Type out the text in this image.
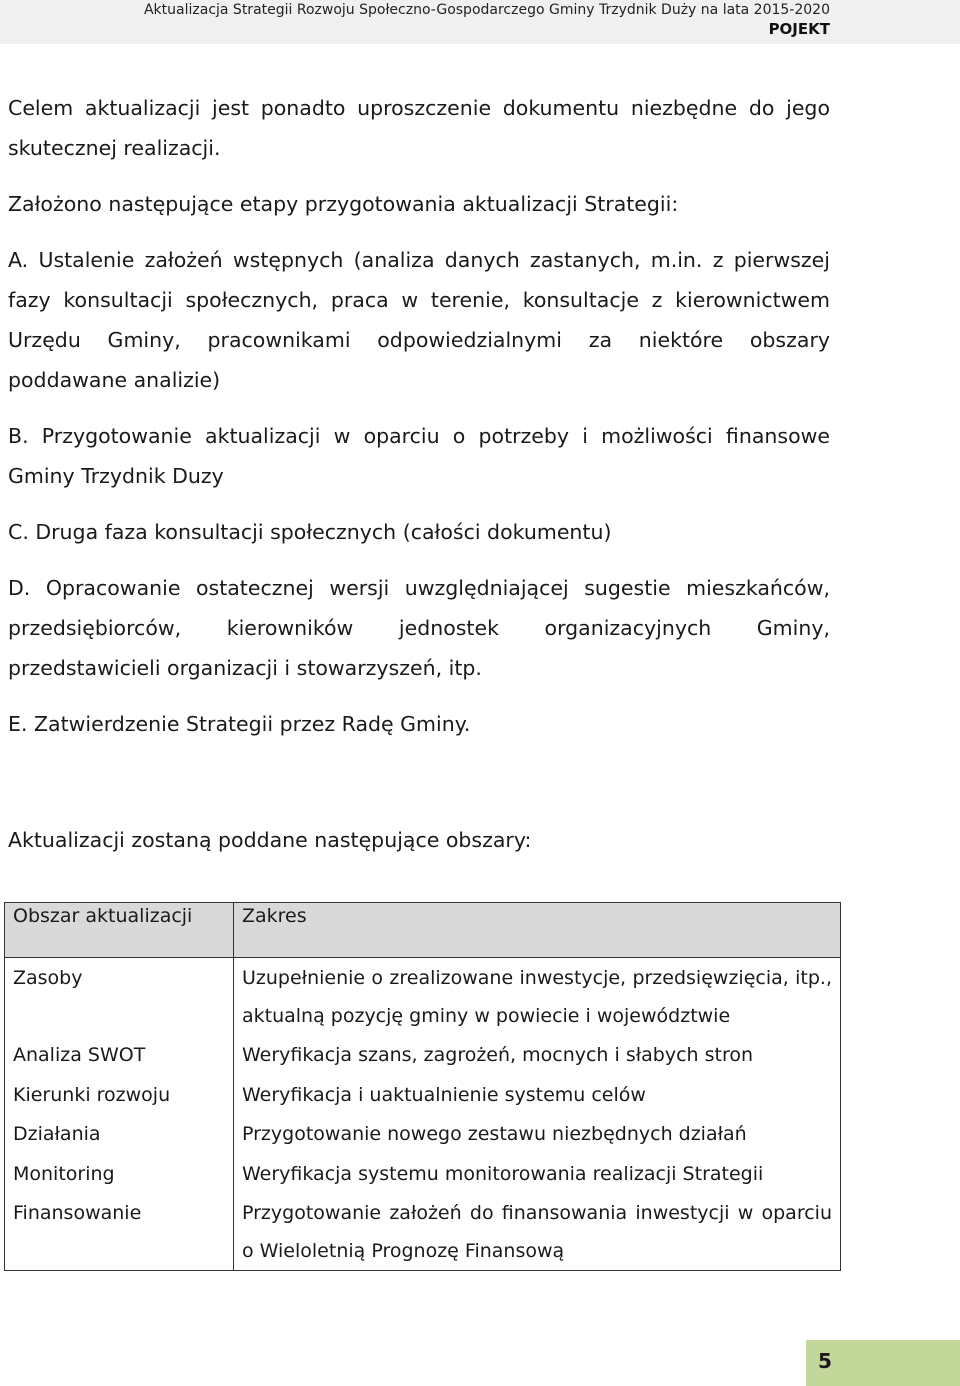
Aktualizacja Strategii Rozwoju Społeczno-Gospodarczego Gminy Trzydnik Duży na lata 2015-2020
POJEKT

Celem aktualizacji jest ponadto uproszczenie dokumentu niezbędne do jego skutecznej realizacji.

Założono następujące etapy przygotowania aktualizacji Strategii:

A. Ustalenie założeń wstępnych (analiza danych zastanych, m.in. z pierwszej fazy konsultacji społecznych, praca w terenie, konsultacje z kierownictwem Urzędu Gminy, pracownikami odpowiedzialnymi za niektóre obszary poddawane analizie)

B. Przygotowanie aktualizacji w oparciu o potrzeby i możliwości finansowe Gminy Trzydnik Duzy

C. Druga faza konsultacji społecznych (całości dokumentu)

D. Opracowanie ostatecznej wersji uwzględniającej sugestie mieszkańców, przedsiębiorców, kierowników jednostek organizacyjnych Gminy, przedstawicieli organizacji i stowarzyszeń, itp.

E. Zatwierdzenie Strategii przez Radę Gminy.

Aktualizacji zostaną poddane następujące obszary:

Obszar aktualizacji	Zakres
Zasoby	Uzupełnienie o zrealizowane inwestycje, przedsięwzięcia, itp., aktualną pozycję gminy w powiecie i województwie
Analiza SWOT	Weryfikacja szans, zagrożeń, mocnych i słabych stron
Kierunki rozwoju	Weryfikacja i uaktualnienie systemu celów
Działania	Przygotowanie nowego zestawu niezbędnych działań
Monitoring	Weryfikacja systemu monitorowania realizacji Strategii
Finansowanie	Przygotowanie założeń do finansowania inwestycji w oparciu o Wieloletnią Prognozę Finansową
5
